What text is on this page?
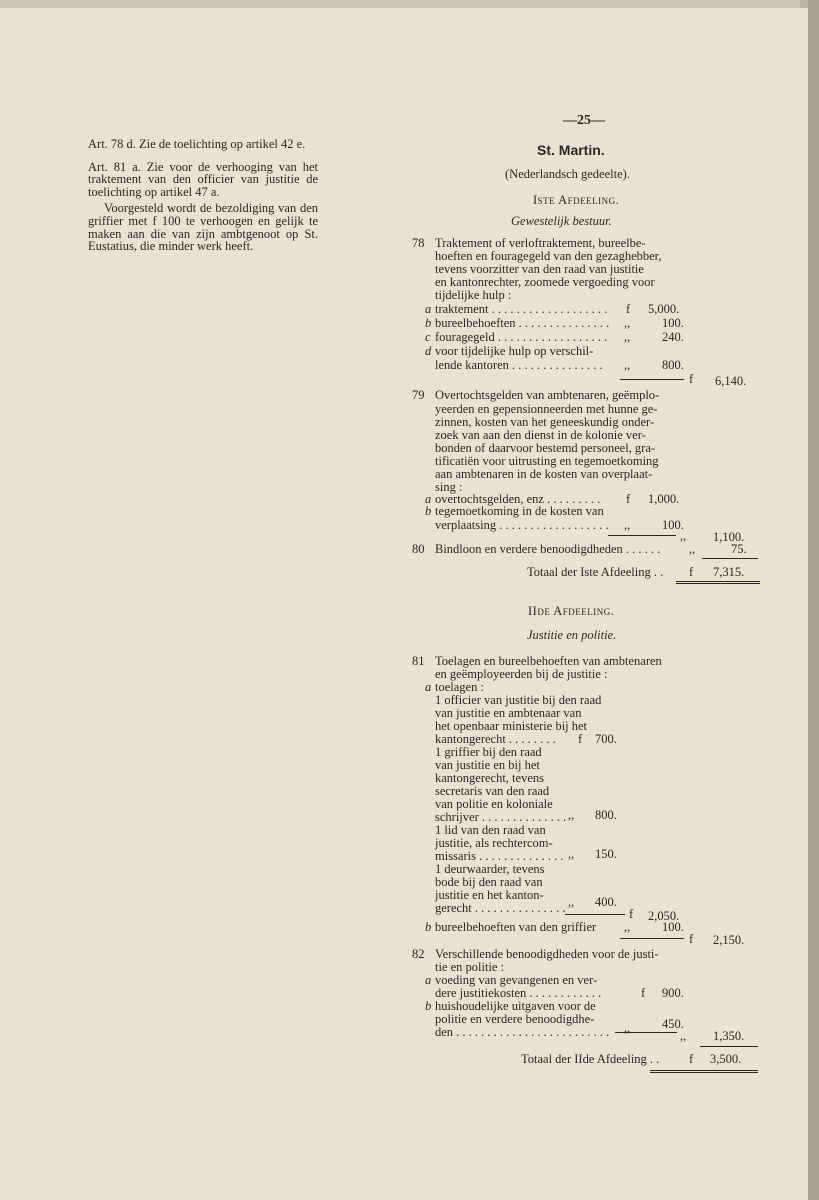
—25—

Art. 78 d. Zie de toelichting op artikel 42 e.

Art. 81 a. Zie voor de verhooging van het traktement van den officier van justitie de toelichting op artikel 47 a.

Voorgesteld wordt de bezoldiging van den griffier met f 100 te verhoogen en gelijk te maken aan die van zijn ambtgenoot op St. Eustatius, die minder werk heeft.

St. Martin.
(Nederlandsch gedeelte).
Iste Afdeeling.
Gewestelijk bestuur.
78 Traktement of verloftraktement, bureelbe-
hoeften en fouragegeld van den gezaghebber,
tevens voorzitter van den raad van justitie
en kantonrechter, zoomede vergoeding voor
tijdelijke hulp :
a traktement . . . . . . . . . . . . . . . . . . . f 5,000.
b bureelbehoeften . . . . . . . . . . . . . . . ,,	100.
c fouragegeld . . . . . . . . . . . . . . . . . . ,,	240.
d voor tijdelijke hulp op verschil-
lende kantoren . . . . . . . . . . . . . . . ,,	800.
f 6,140.
79 Overtochtsgelden van ambtenaren, geëmplo-
yeerden en gepensionneerden met hunne ge-
zinnen, kosten van het geneeskundig onder-
zoek van aan den dienst in de kolonie ver-
bonden of daarvoor bestemd personeel, gra-
tificatiën voor uitrusting en tegemoetkoming
aan ambtenaren in de kosten van overplaat-
sing :
a overtochtsgelden, enz . . . . . . . . . f 1,000.
b tegemoetkoming in de kosten van
verplaatsing . . . . . . . . . . . . . . . . . . ,,	100.
,, 1,100.
80 Bindloon en verdere benoodigdheden . . . . . . ,,	75.
Totaal der Iste Afdeeling . . f 7,315.
IIde Afdeeling.
Justitie en politie.
81 Toelagen en bureelbehoeften van ambtenaren
en geëmployeerden bij de justitie :
a toelagen :
1 officier van justitie bij den raad
van justitie en ambtenaar van
het openbaar ministerie bij het
kantongerecht . . . . . . . . f 700.
1 griffier bij den raad
van justitie en bij het
kantongerecht, tevens
secretaris van den raad
van politie en koloniale
schrijver . . . . . . . . . . . . . . ,, 800.
1 lid van den raad van
justitie, als rechtercom-
missaris . . . . . . . . . . . . . . ,, 150.
1 deurwaarder, tevens
bode bij den raad van
justitie en het kanton-
gerecht . . . . . . . . . . . . . . . ,, 400.
f 2,050.
b bureelbehoeften van den griffier ,,	100.
f 2,150.
82 Verschillende benoodigdheden voor de justi-
tie en politie :
a voeding van gevangenen en ver-
dere justitiekosten . . . . . . . . . . . .	f 900.
b huishoudelijke uitgaven voor de
politie en verdere benoodigdhe-
den . . . . . . . . . . . . . . . . . . . . . . . . . ,,	450.
,, 1,350.
Totaal der IIde Afdeeling . . f 3,500.
